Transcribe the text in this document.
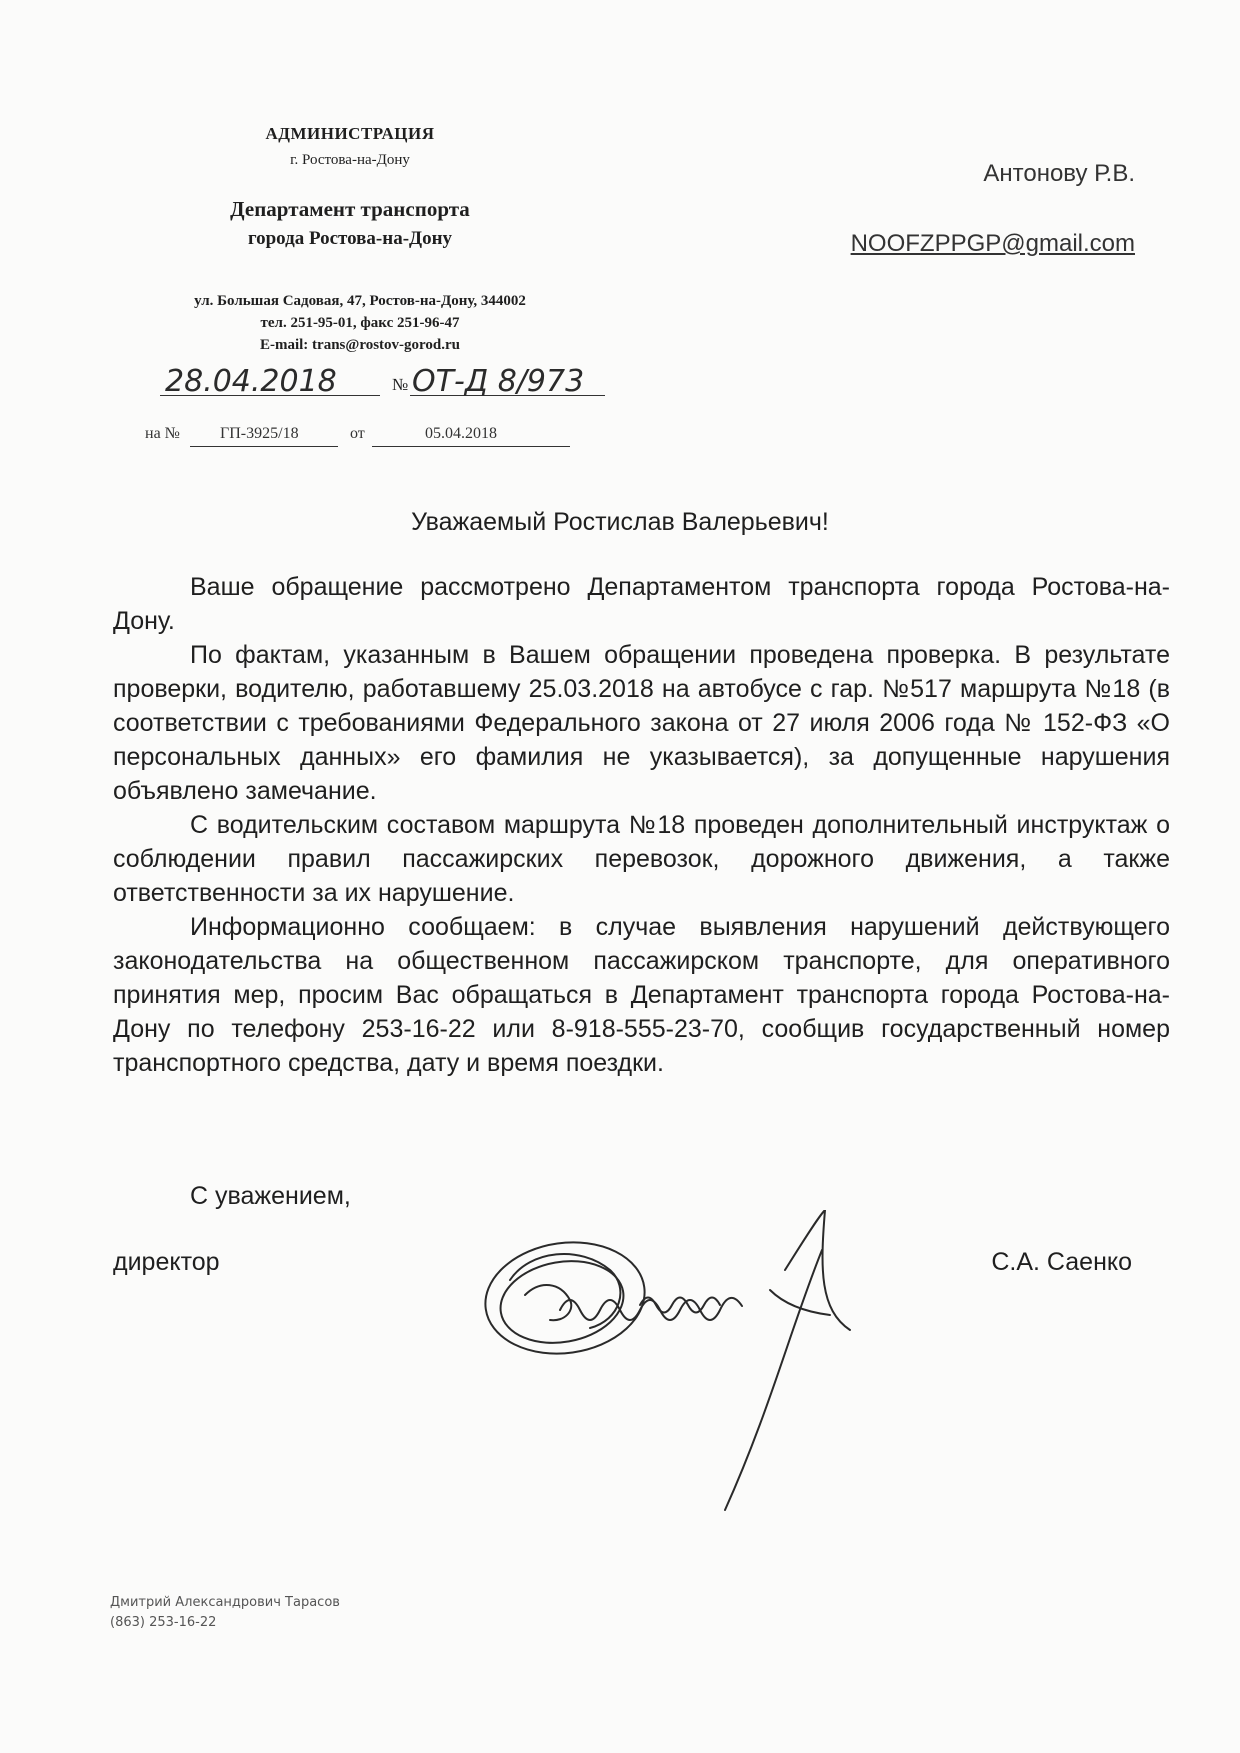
АДМИНИСТРАЦИЯ
г. Ростова-на-Дону
Департамент транспорта
города Ростова-на-Дону
ул. Большая Садовая, 47, Ростов-на-Дону, 344002
тел. 251-95-01, факс 251-96-47
E-mail: trans@rostov-gorod.ru
28.04.2018	№ ОТ-Д 8/973
на №	ГП-3925/18	от	05.04.2018
Антонову Р.В.
NOOFZPPGP@gmail.com
Уважаемый Ростислав Валерьевич!

Ваше обращение рассмотрено Департаментом транспорта города Ростова-на-Дону.

По фактам, указанным в Вашем обращении проведена проверка. В результате проверки, водителю, работавшему 25.03.2018 на автобусе с гар. №517 маршрута №18 (в соответствии с требованиями Федерального закона от 27 июля 2006 года № 152-ФЗ «О персональных данных» его фамилия не указывается), за допущенные нарушения объявлено замечание.

С водительским составом маршрута №18 проведен дополнительный инструктаж о соблюдении правил пассажирских перевозок, дорожного движения, а также ответственности за их нарушение.

Информационно сообщаем: в случае выявления нарушений действующего законодательства на общественном пассажирском транспорте, для оперативного принятия мер, просим Вас обращаться в Департамент транспорта города Ростова-на-Дону по телефону 253-16-22 или 8-918-555-23-70, сообщив государственный номер транспортного средства, дату и время поездки.

С уважением,
директор	С.А. Саенко
Дмитрий Александрович Тарасов
(863) 253-16-22
